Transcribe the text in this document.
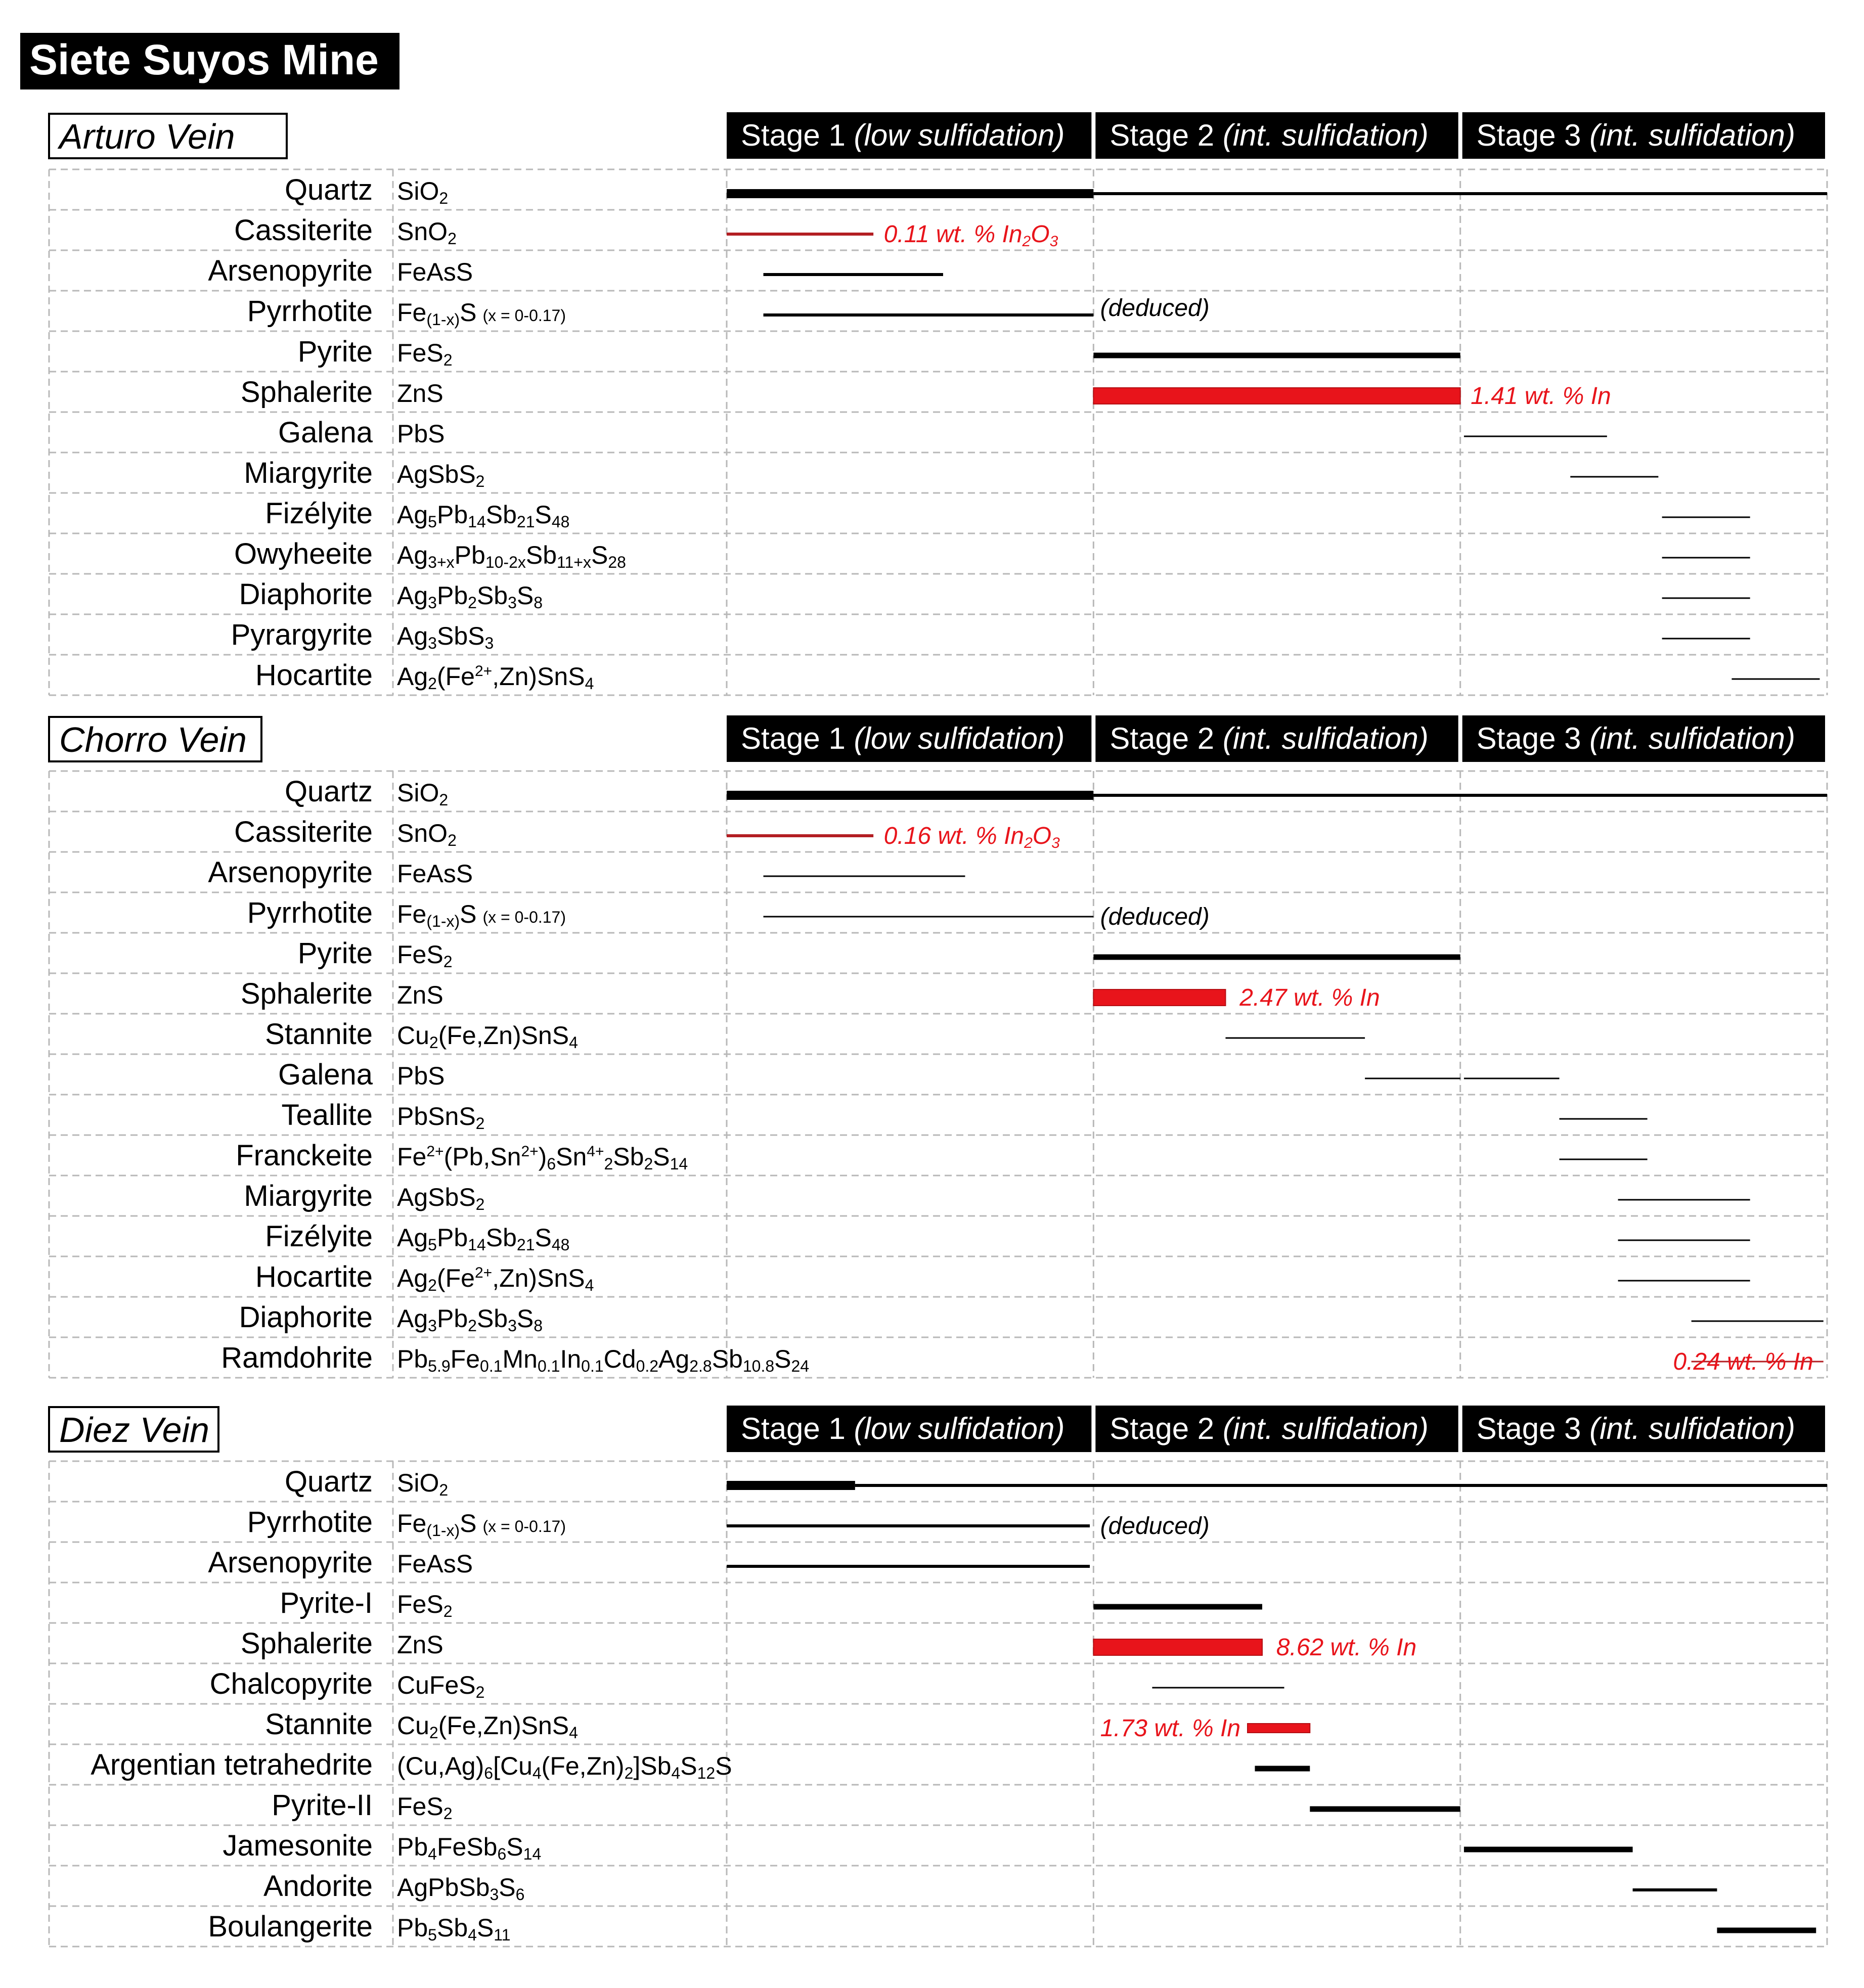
Siete Suyos Mine
Arturo Vein	Stage 1 (low sulfidation) Stage 2 (int. sulfidation) Stage 3 (int. sulfidation)
Quartz SiO2
Cassiterite SnO2	0.11 wt. % In2O3
Arsenopyrite FeAsS
Pyrrhotite Fe(1-x)S (x = 0-0.17)	(deduced)
Pyrite FeS2
Sphalerite ZnS	1.41 wt. % In
Galena PbS
Miargyrite AgSbS2
Fizélyite Ag5Pb14Sb21S48
Owyheeite Ag3+xPb10-2xSb11+xS28
Diaphorite Ag3Pb2Sb3S8
Pyrargyrite Ag3SbS3
Hocartite $Ag2(Fe^{2+},Zn)SnS4$
Chorro Vein	Stage 1 (low sulfidation) Stage 2 (int. sulfidation) Stage 3 (int. sulfidation)
Quartz SiO2
Cassiterite SnO2	0.16 wt. % In2O3
Arsenopyrite FeAsS
Pyrrhotite Fe(1-x)S (x = 0-0.17)	(deduced)
Pyrite FeS2
Sphalerite ZnS	2.47 wt. % In
Stannite Cu2(Fe,Zn)SnS4
Galena PbS
Teallite PbSnS2
Franckeite $Fe^{2+}(Pb,Sn^{2+})6Sn^{4+}_2Sb2S14$
Miargyrite AgSbS2
Fizélyite Ag5Pb14Sb21S48
Hocartite $Ag2(Fe^{2+},Zn)SnS4$
Diaphorite Ag3Pb2Sb3S8
Ramdohrite Pb5.9Fe0.1Mn0.1In0.1Cd0.2Ag2.8Sb10.8S24	0.24 wt. % In
Diez Vein	Stage 1 (low sulfidation) Stage 2 (int. sulfidation) Stage 3 (int. sulfidation)
Quartz SiO2
Pyrrhotite Fe(1-x)S (x = 0-0.17)	(deduced)
Arsenopyrite FeAsS
Pyrite-I FeS2
Sphalerite ZnS	8.62 wt. % In
Chalcopyrite CuFeS2
Stannite Cu2(Fe,Zn)SnS4	1.73 wt. % In
Argentian tetrahedrite (Cu,Ag)6[Cu4(Fe,Zn)2]Sb4S12S
Pyrite-II FeS2
Jamesonite Pb4FeSb6S14
Andorite AgPbSb3S6
Boulangerite Pb5Sb4S11
